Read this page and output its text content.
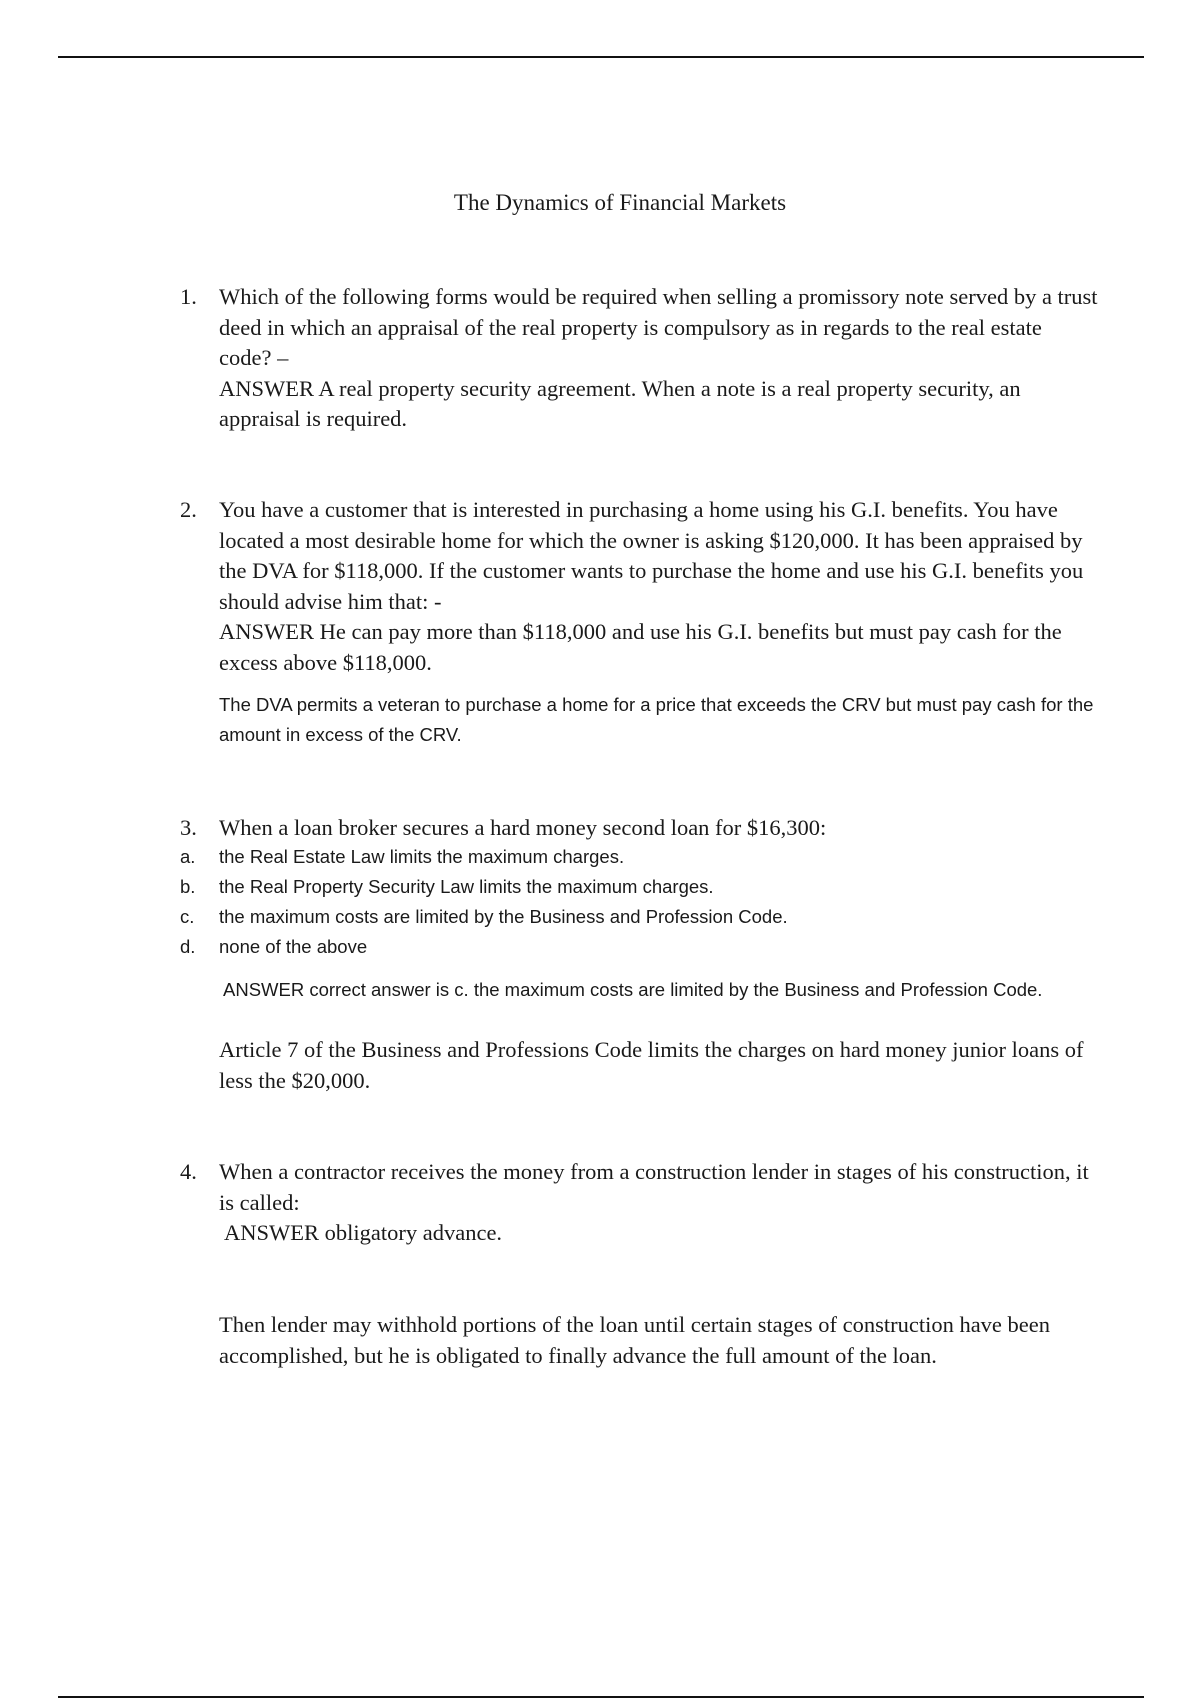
The Dynamics of Financial Markets
1. Which of the following forms would be required when selling a promissory note served by a trust deed in which an appraisal of the real property is compulsory as in regards to the real estate code? –

ANSWER A real property security agreement. When a note is a real property security, an appraisal is required.

2. You have a customer that is interested in purchasing a home using his G.I. benefits. You have located a most desirable home for which the owner is asking $120,000. It has been appraised by the DVA for $118,000. If the customer wants to purchase the home and use his G.I. benefits you should advise him that: -

ANSWER He can pay more than $118,000 and use his G.I. benefits but must pay cash for the excess above $118,000.

The DVA permits a veteran to purchase a home for a price that exceeds the CRV but must pay cash for the amount in excess of the CRV.

3. When a loan broker secures a hard money second loan for $16,300:

a. the Real Estate Law limits the maximum charges.
b. the Real Property Security Law limits the maximum charges.
c. the maximum costs are limited by the Business and Profession Code.
d. none of the above

ANSWER correct answer is c. the maximum costs are limited by the Business and Profession Code.

Article 7 of the Business and Professions Code limits the charges on hard money junior loans of less the $20,000.

4. When a contractor receives the money from a construction lender in stages of his construction, it is called:

ANSWER obligatory advance.

Then lender may withhold portions of the loan until certain stages of construction have been accomplished, but he is obligated to finally advance the full amount of the loan.
